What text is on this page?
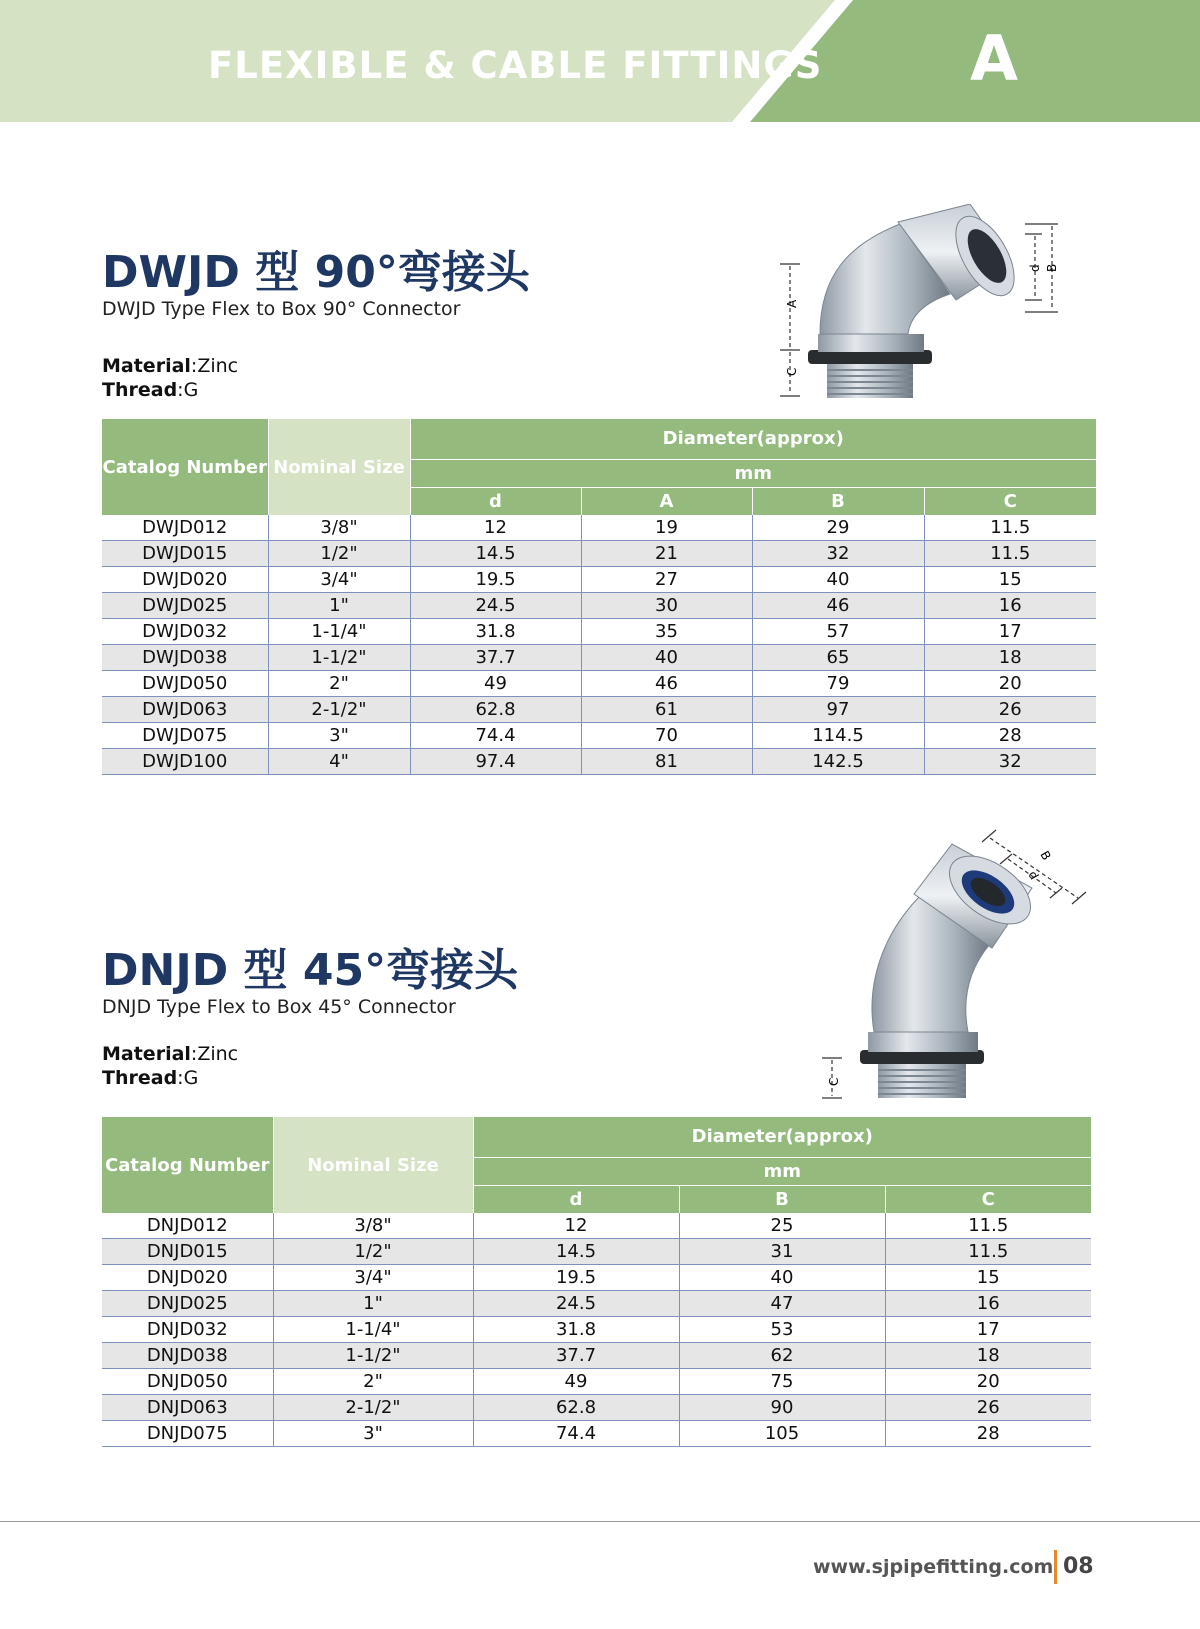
FLEXIBLE & CABLE FITTINGS A
DWJD 型 90°弯接头
DWJD Type Flex to Box 90° Connector
Material:Zinc
Thread:G
A
C
d B
Catalog Number	Nominal Size	Diameter(approx)			
		mm			
		d	A	B	C
DWJD012	3/8"	12	19	29	11.5
DWJD015	1/2"	14.5	21	32	11.5
DWJD020	3/4"	19.5	27	40	15
DWJD025	1"	24.5	30	46	16
DWJD032	1-1/4"	31.8	35	57	17
DWJD038	1-1/2"	37.7	40	65	18
DWJD050	2"	49	46	79	20
DWJD063	2-1/2"	62.8	61	97	26
DWJD075	3"	74.4	70	114.5	28
DWJD100	4"	97.4	81	142.5	32
DNJD 型 45°弯接头
DNJD Type Flex to Box 45° Connector
Material:Zinc
Thread:G	C
d
B
Catalog Number	Nominal Size	Diameter(approx)		
		mm		
		d	B	C
DNJD012	3/8"	12	25	11.5
DNJD015	1/2"	14.5	31	11.5
DNJD020	3/4"	19.5	40	15
DNJD025	1"	24.5	47	16
DNJD032	1-1/4"	31.8	53	17
DNJD038	1-1/2"	37.7	62	18
DNJD050	2"	49	75	20
DNJD063	2-1/2"	62.8	90	26
DNJD075	3"	74.4	105	28
www.sjpipefitting.com 08
